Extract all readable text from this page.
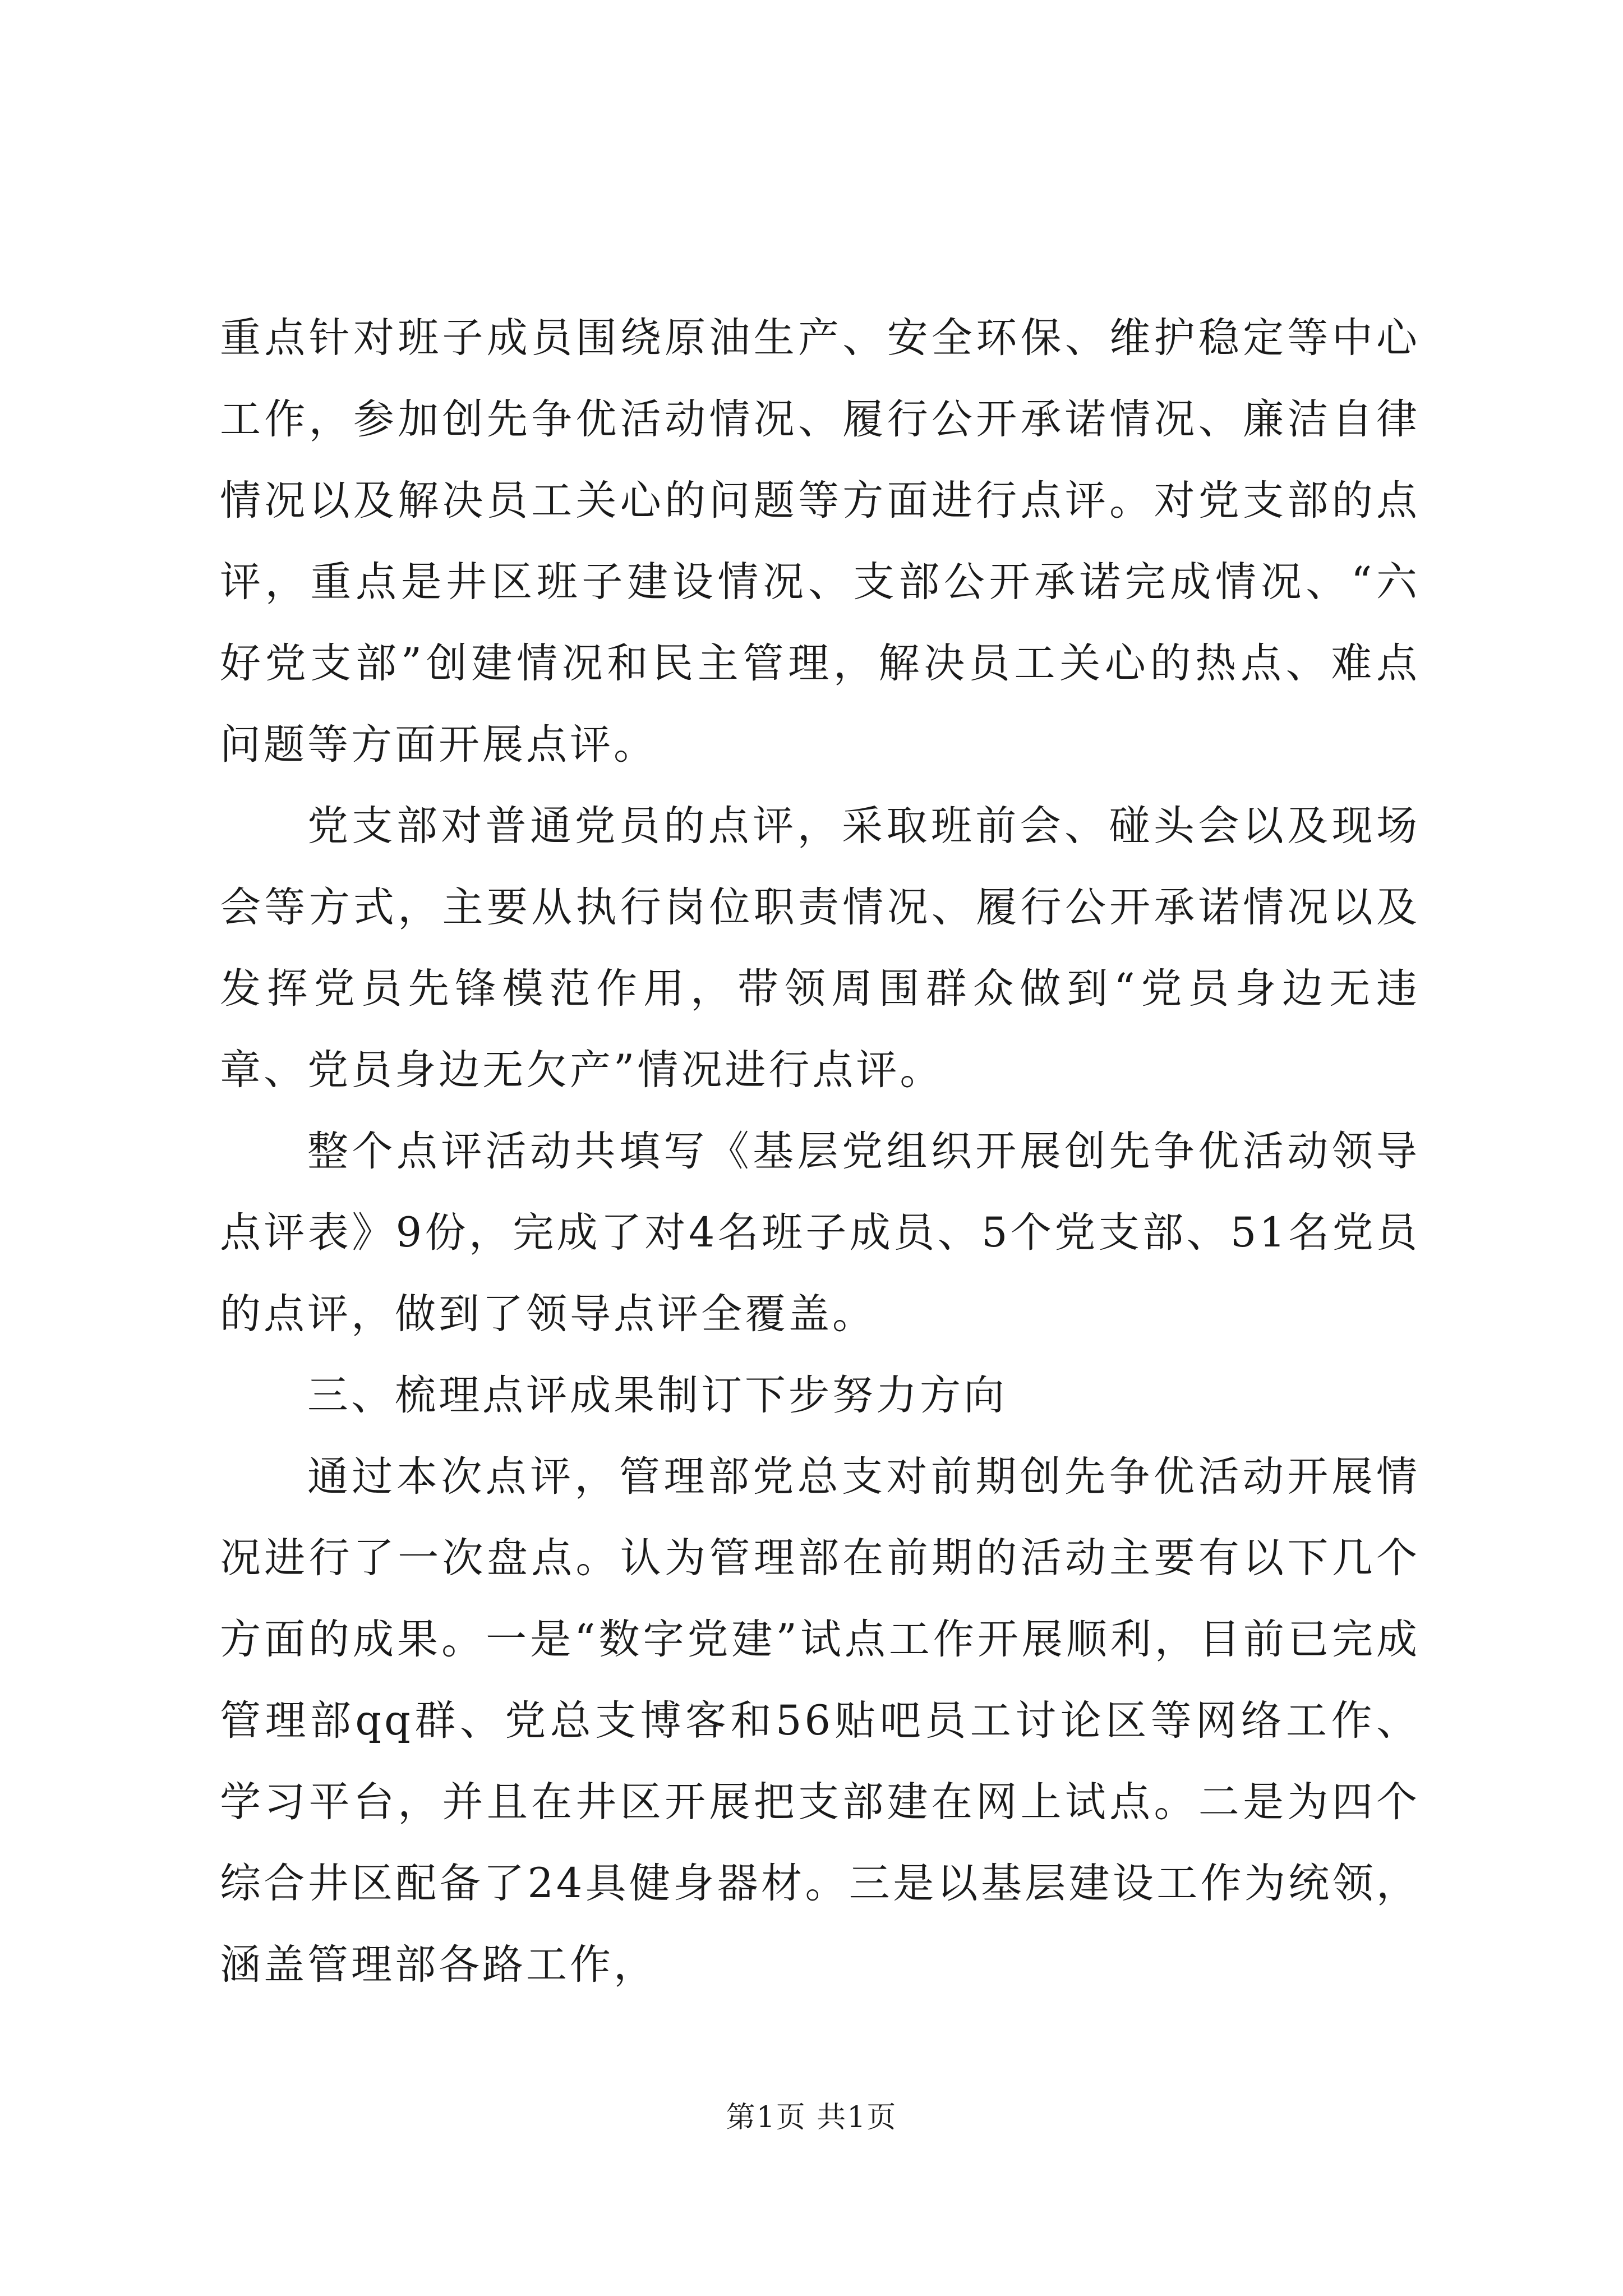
重点针对班子成员围绕原油生产、安全环保、维护稳定等中心工作，参加创先争优活动情况、履行公开承诺情况、廉洁自律情况以及解决员工关心的问题等方面进行点评。对党支部的点评，重点是井区班子建设情况、支部公开承诺完成情况、“六好党支部”创建情况和民主管理，解决员工关心的热点、难点问题等方面开展点评。

党支部对普通党员的点评，采取班前会、碰头会以及现场会等方式，主要从执行岗位职责情况、履行公开承诺情况以及发挥党员先锋模范作用，带领周围群众做到“党员身边无违章、党员身边无欠产”情况进行点评。

整个点评活动共填写《基层党组织开展创先争优活动领导点评表》9份，完成了对4名班子成员、5个党支部、51名党员的点评，做到了领导点评全覆盖。

三、梳理点评成果制订下步努力方向

通过本次点评，管理部党总支对前期创先争优活动开展情况进行了一次盘点。认为管理部在前期的活动主要有以下几个方面的成果。一是“数字党建”试点工作开展顺利，目前已完成管理部qq群、党总支博客和56贴吧员工讨论区等网络工作、学习平台，并且在井区开展把支部建在网上试点。二是为四个综合井区配备了24具健身器材。三是以基层建设工作为统领，涵盖管理部各路工作，

第1页 共1页
